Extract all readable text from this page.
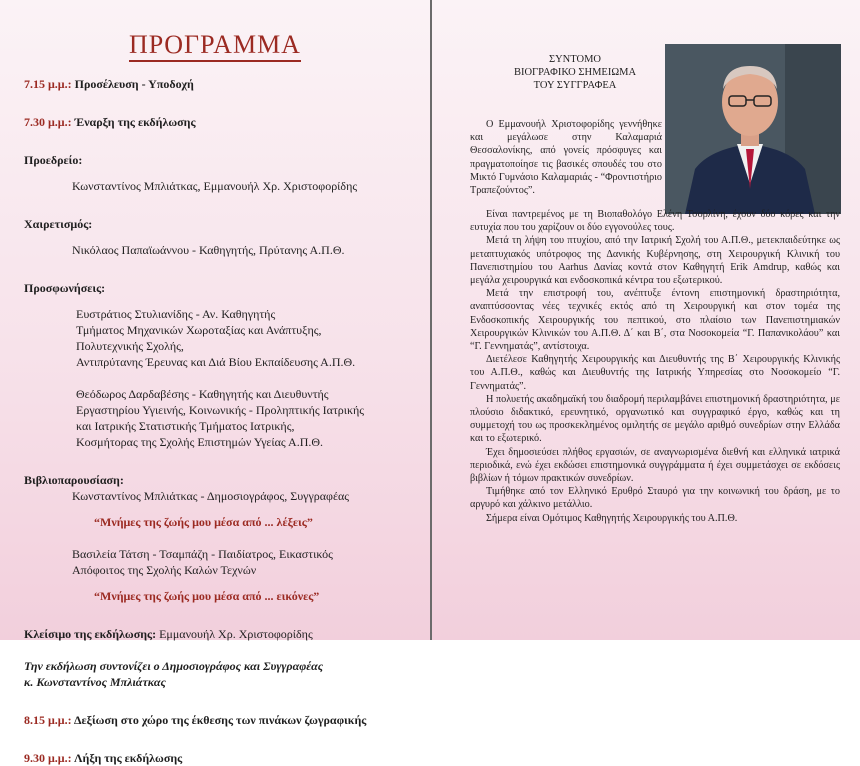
ΠΡΟΓΡΑΜΜΑ
7.15 μ.μ.: Προσέλευση - Υποδοχή
7.30 μ.μ.: Έναρξη της εκδήλωσης
Προεδρείο:
Κωνσταντίνος Μπλιάτκας, Εμμανουήλ Χρ. Χριστοφορίδης
Χαιρετισμός:
Νικόλαος Παπαϊωάννου - Καθηγητής, Πρύτανης Α.Π.Θ.
Προσφωνήσεις:
Ευστράτιος Στυλιανίδης - Αν. Καθηγητής
Τμήματος Μηχανικών Χωροταξίας και Ανάπτυξης,
Πολυτεχνικής Σχολής,
Αντιπρύτανης Έρευνας και Διά Βίου Εκπαίδευσης Α.Π.Θ.
Θεόδωρος Δαρδαβέσης - Καθηγητής και Διευθυντής
Εργαστηρίου Υγιεινής, Κοινωνικής - Προληπτικής Ιατρικής
και Ιατρικής Στατιστικής Τμήματος Ιατρικής,
Κοσμήτορας της Σχολής Επιστημών Υγείας Α.Π.Θ.
Βιβλιοπαρουσίαση:
Κωνσταντίνος Μπλιάτκας - Δημοσιογράφος, Συγγραφέας
“Μνήμες της ζωής μου μέσα από ... λέξεις”
Βασιλεία Τάτση - Τσαμπάζη - Παιδίατρος, Εικαστικός
Απόφοιτος της Σχολής Καλών Τεχνών
“Μνήμες της ζωής μου μέσα από ... εικόνες”
Κλείσιμο της εκδήλωσης: Εμμανουήλ Χρ. Χριστοφορίδης
Την εκδήλωση συντονίζει ο Δημοσιογράφος και Συγγραφέας
κ. Κωνσταντίνος Μπλιάτκας
8.15 μ.μ.: Δεξίωση στο χώρο της έκθεσης των πινάκων ζωγραφικής
9.30 μ.μ.: Λήξη της εκδήλωσης
ΣΥΝΤΟΜΟ
ΒΙΟΓΡΑΦΙΚΟ ΣΗΜΕΙΩΜΑ
ΤΟΥ ΣΥΓΓΡΑΦΕΑ
Ο Εμμανουήλ Χριστοφορίδης γεννήθηκε και μεγάλωσε στην Καλαμαριά Θεσσαλονίκης, από γονείς πρόσφυγες και πραγματοποίησε τις βασικές σπουδές του στο Μικτό Γυμνάσιο Καλαμαριάς - “Φροντιστήριο Τραπεζούντος”.
Είναι παντρεμένος με τη Βιοπαθολόγο Ελένη Τσορλίνη, έχουν δύο κόρες και την ευτυχία που του χαρίζουν οι δύο εγγονούλες τους.
Μετά τη λήψη του πτυχίου, από την Ιατρική Σχολή του Α.Π.Θ., μετεκπαιδεύτηκε ως μεταπτυχιακός υπότροφος της Δανικής Κυβέρνησης, στη Χειρουργική Κλινική του Πανεπιστημίου του Aarhus Δανίας κοντά στον Καθηγητή Erik Amdrup, καθώς και μεγάλα χειρουργικά και ενδοσκοπικά κέντρα του εξωτερικού.
Μετά την επιστροφή του, ανέπτυξε έντονη επιστημονική δραστηριότητα, αναπτύσσοντας νέες τεχνικές εκτός από τη Χειρουργική και στον τομέα της Ενδοσκοπικής Χειρουργικής του πεπτικού, στο πλαίσιο των Πανεπιστημιακών Χειρουργικών Κλινικών του Α.Π.Θ. Δ΄ και Β΄, στα Νοσοκομεία “Γ. Παπανικολάου” και “Γ. Γεννηματάς”, αντίστοιχα.
Διετέλεσε Καθηγητής Χειρουργικής και Διευθυντής της Β΄ Χειρουργικής Κλινικής του Α.Π.Θ., καθώς και Διευθυντής της Ιατρικής Υπηρεσίας στο Νοσοκομείο “Γ. Γεννηματάς”.
Η πολυετής ακαδημαϊκή του διαδρομή περιλαμβάνει επιστημονική δραστηριότητα, με πλούσιο διδακτικό, ερευνητικό, οργανωτικό και συγγραφικό έργο, καθώς και τη συμμετοχή του ως προσκεκλημένος ομιλητής σε μεγάλο αριθμό συνεδρίων στην Ελλάδα και το εξωτερικό.
Έχει δημοσιεύσει πλήθος εργασιών, σε αναγνωρισμένα διεθνή και ελληνικά ιατρικά περιοδικά, ενώ έχει εκδώσει επιστημονικά συγγράμματα ή έχει συμμετάσχει σε εκδόσεις βιβλίων ή τόμων πρακτικών συνεδρίων.
Τιμήθηκε από τον Ελληνικό Ερυθρό Σταυρό για την κοινωνική του δράση, με το αργυρό και χάλκινο μετάλλιο.
Σήμερα είναι Ομότιμος Καθηγητής Χειρουργικής του Α.Π.Θ.
